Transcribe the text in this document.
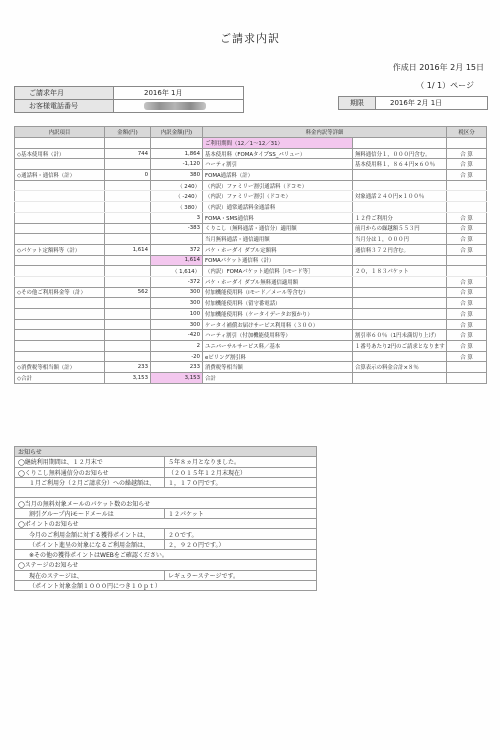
ご請求内訳
作成日 2016年 2月 15日
（ 1/ 1）ページ
ご請求年月	2016年 1月
お客様電話番号	期限	2016年 2月 1日
内訳項目	金額(円)	内訳金額(円)	料金内訳等詳細		税区分
			ご利用期間（12／1～12／31）		
◇基本使用料（計）	744	1,864	基本使用料（FOMAタイプSS_バリュー）	無料通信分１，０００円含む。	合 算
		-1,120	ハーティ割引	基本使用料１，８６４円×６０％	合 算
◇通話料・通信料（計）	0	380	FOMA通話料（計）		合 算
		（ 240）	（内訳）ファミリー割引通話料（ドコモ）		
		（ -240）	（内訳）ファミリー割引（ドコモ）	対象通話２４０円×１００％	
		（ 380）	（内訳）通常通話料金通話料		
		3	FOMA・SMS通信料	１２件ご利用分	合 算
		-383	くりこし（無料通話・通信分）適用額	前月からの繰越額５５３円	合 算
			当月無料通話・通信適用額	当月分は１，０００円	合 算
◇パケット定額料等（計）	1,614	372	パケ・ホーダイ ダブル定額料	通信料３７２円含む。	合 算
		1,614	FOMAパケット通信料（計）		
		（ 1,614）	（内訳）FOMAパケット通信料［iモード等］	２０，１８３パケット	
		-372	パケ・ホーダイ ダブル無料通信適用額		合 算
◇その他ご利用料金等（計）	562	300	付加機能使用料（iモード／メール等含む）		合 算
		300	付加機能使用料（留守番電話）		合 算
		100	付加機能使用料（ケータイデータお預かり）		合 算
		300	ケータイ補償お届けサービス利用料（３００）		合 算
		-420	ハーティ割引（付加機能使用料等）	割引率６０％（1円未満切り上げ）	合 算
		2	ユニバーサルサービス料／基本	１番号あたり2円のご請求となります	合 算
		-20	eビリング割引料		合 算
◇消費税等相当額（計）	233	233	消費税等相当額	合算表示の料金合計×８％	
◇合計	3,153	3,153	合計		
お知らせ	
◯継続利用期間は、１２月末で	５年８ヵ月となりました。
◯くりこし無料通信分のお知らせ	（２０１５年１２月末現在）
１月ご利用分（２月ご請求分）への繰越額は、	１，１７０円です。

◯当月の無料対象メールのパケット数のお知らせ	
割引グループ内iモードメールは	１２パケット
◯ポイントのお知らせ	
今月のご利用金額に対する獲得ポイントは、	２０です。
（ポイント進呈の対象になるご利用金額は、	２，９２０円です。）
※その他の獲得ポイントはWEBをご確認ください。	
◯ステージのお知らせ	
現在のステージは、	レギュラーステージです。
（ポイント対象金額１０００円につき１０ｐｔ）	
